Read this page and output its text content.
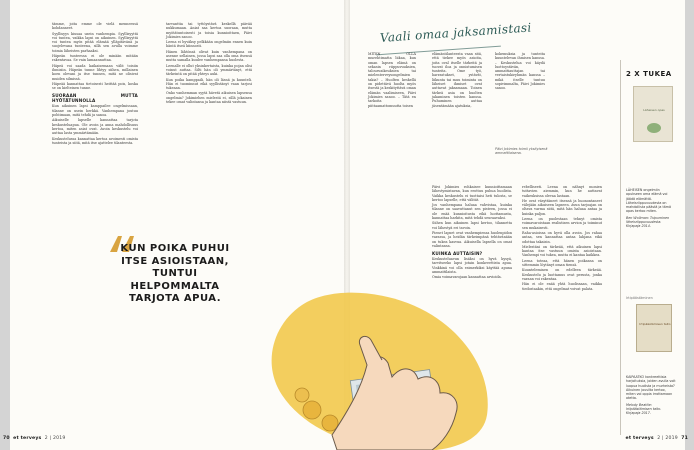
tämme, joita emme ole vielä menneessä kohdanneet.

Syyllisyys kiusaa usein vanhempia. Syyllisyyttä voi tuntea, vaikka lapsi on aikuinen. Syyllisyyttä voi tuntea myös pitää elämää ylläpitävänä ja suojelevana tunteena, sillä sen avulla voimme toimia läheisten parhaaksi.

Häpeän tunteessa ei ole minään mitään rakentavaa. Se vain lamaannuttaa.

Häpeä voi saada kaikaisemaan välit toisiin ihmisiin. Häpeän tunne lihtyy siihen, millainen koen olevani ja itse tunnen, mitä ne olisivat muiden silmissä.

Häpeää kannattaa tietoisesti heittää pois, koska se on kielteinen tunne.

SUORAAN MUTTA HYÖTÄTUNNOLLA

Kun aikuinen lapsi kamppailee ongelmissaan, tilanne on usein herkkä. Vanhempana joutuu pohtimaan, mitä tehdä ja sanoa.

Aikuiselle lapselle kannattaa tarjota keskusteluapua. Ole avoin ja anna mahdollisuus kertoa, miten asiat ovat. Avoin keskustelu voi auttaa lasta ymmärtämään.

Keskustelussa kannattaa kertoa avoimesti omista tunteista ja siitä, mitä itse ajattelee tilanteesta.

tarvanttia tai tyttöystävä keskellä päivää nukkumaan. Aniat saa kertoa suoraan, mutta myötätuntoisesti ja toisia kunnioittaen, Päivi Jokimies sanoo.

Leena ei hyväksy pelkkään ongelmiin ennen kuin häntä itseä kiinnosti.

Hänen lähtönsä olivat kuin vanhempana on asenne sellainen, jossa lapsi saa olla oma itsensä mutta samalla kuulee vanhempansa huolesta.

Leenalle ei ollut yksinkertaista, kuinka pojan olisi voinut auttaa. Silti hän oli ymmärtänyt, että tärkeintä on pitää yhteys auki.

Kun poika kamppaili, hän oli läsnä ja kuunteli. Hän ei tuominnut eikä syyllistänyt vaan tarjosi tukeaan.

Onko vanhemman syytä hävetä aikuisen lapsensa ongelmia? Jokimiehen mielestä ei, sillä jokainen tekee omat valintansa ja kantaa niistä vastuun.

KUN POIKA PUHUI ITSE ASIOISTAAN, TUNTUI HELPOMMALTA TARJOTA APUA.
70 et terveys 2 | 2019
Vaali omaa jaksamistasi

MITEN OLLA murehtimatta liikaa, kun oman lapsen elämä on sekasin riippuvuuksien, talousvaikeuksien tai mielenterveysongelmien takia? – Huolten keskellä on pidettävä huolta myös itsestä ja keskityttävä oman elämän vaalimiseen, Päivi Jokimies sanoo. – Tätä en tarkoita piittaamattomuutta toisen

elämäntilanteesta vaan sitä, että tiekee myös asioita, joita oval itselle tärkeitä ja tuovat iloa ja onnistumisen tunteita. Ome työ, harrastukset, ystävät, liikunta tai muu toiminta on läheiset ihmiset ovat auttavat jaksamaan. Toinen tärkeä asia on huolten jakaminen toisten kanssa. Puhuminen auttaa jäsentämään ajatuksia,

kokemuksia ja tunteita kuuntelevan ihmisen kanssa. – Keskustelua voi käydä luottoystävän, ammattiauttajan tai vertaistukiryhmän kanssa – mikä itselle tuntuu sopivimmalta, Päivi Jokimies sanoo.

Päivi Jokimies toimii yksityisenä ammattilaisena.

Päivi Jokimies rohkaisee kunnioittamaan lähestymistavan, kun erottuu puhua huolista. Vaikka keskustelu ei tuottaisi heti tulosta, se kertoo lapselle, että välität.

Jos vanhempana haluaa vahvistaa, kuinka tilanne on saavuttanut sen pisteen, jossa ei ole enää kunnioitusta eikä luottamusta, kannattaa harkita, mitä tehdä seuraavaksi.

Siihen kun aikuinen lapsi kertoo, tilannetta voi lähestyä eri tavoin.

Pienet lapset ovat vanhempiensa huolenpidon varassa, ja heidän tärkeimpänä tehtävänään on tukea kasvua. Aikuisella lapsella on omat valintansa.

KUINKA AUTTAISIN?

Keskusteluavun lisäksi on hyvä kysyä, tarvitseeko lapsi jotain konkreettista apua. Vinkkinä voi olla esimerkiksi käyttää apuna ammattilaista.

Omia voimavarojaan kannattaa arvioida.

rebelliseeti. Leena on nähnyt monien tuttavien aiemmin, kun he auttavat vaikeuksissa olevaa lastaan.

He ovat väsyttäneet itsensä ja huonontaneet välejään aikuiseen lapseen. Avun tarjoajan on oltava varma siitä, mitä hän haluaa antaa ja kuinka paljon.

Leena on puolestaan tehnyt omista voimavaroistaan realistisen arvion ja toiminut sen mukaisesti.

Raha-asioissa on hyvä olla avoin. Jos rahaa antaa, sen kannattaa antaa lahjana eikä odottaa takaisin.

Mielestäni on tärkeää, että aikuinen lapsi kantaa itse vastuun omista asioistaan. Vanhempi voi tukea, mutta ei kantaa kaikkea.

Leena toteaa, että hänen poikansa on sittemmin löytänyt oman tiensä.

Kuunteleminen on edelleen tärkeää. Keskustelu ja luottamus ovat perusta, jonka varaan voi rakentaa.

Hän ei ole enää yhtä huolissaan, vaikka tiedostaakin, että ongelmat voivat palata.

2 X TUKEA
Läheisen opas
LÄHEISEN ongelmiin opukseen oma elämä voi jäädä elämättä. Läheisriippuvuudesta on mahdollista päästä ja tämä opas kertoo miten.
Ben Wollman: Toipuminen läheisriippuvuudesta. Kirjapaja 2014.
Irtipäästäminen
Irtipäästämisen taito
KAIPAATKO konkreettisia harjoituksia, joiden avulla voit luopua huolista ja murheista? Aikuinen jousilta kertoo, miten voi oppia irrottamaan otetta.
Melody Beattie: Irtipäästämisen taito. Kirjapaja 2017.
et terveys 2 | 2019 71
